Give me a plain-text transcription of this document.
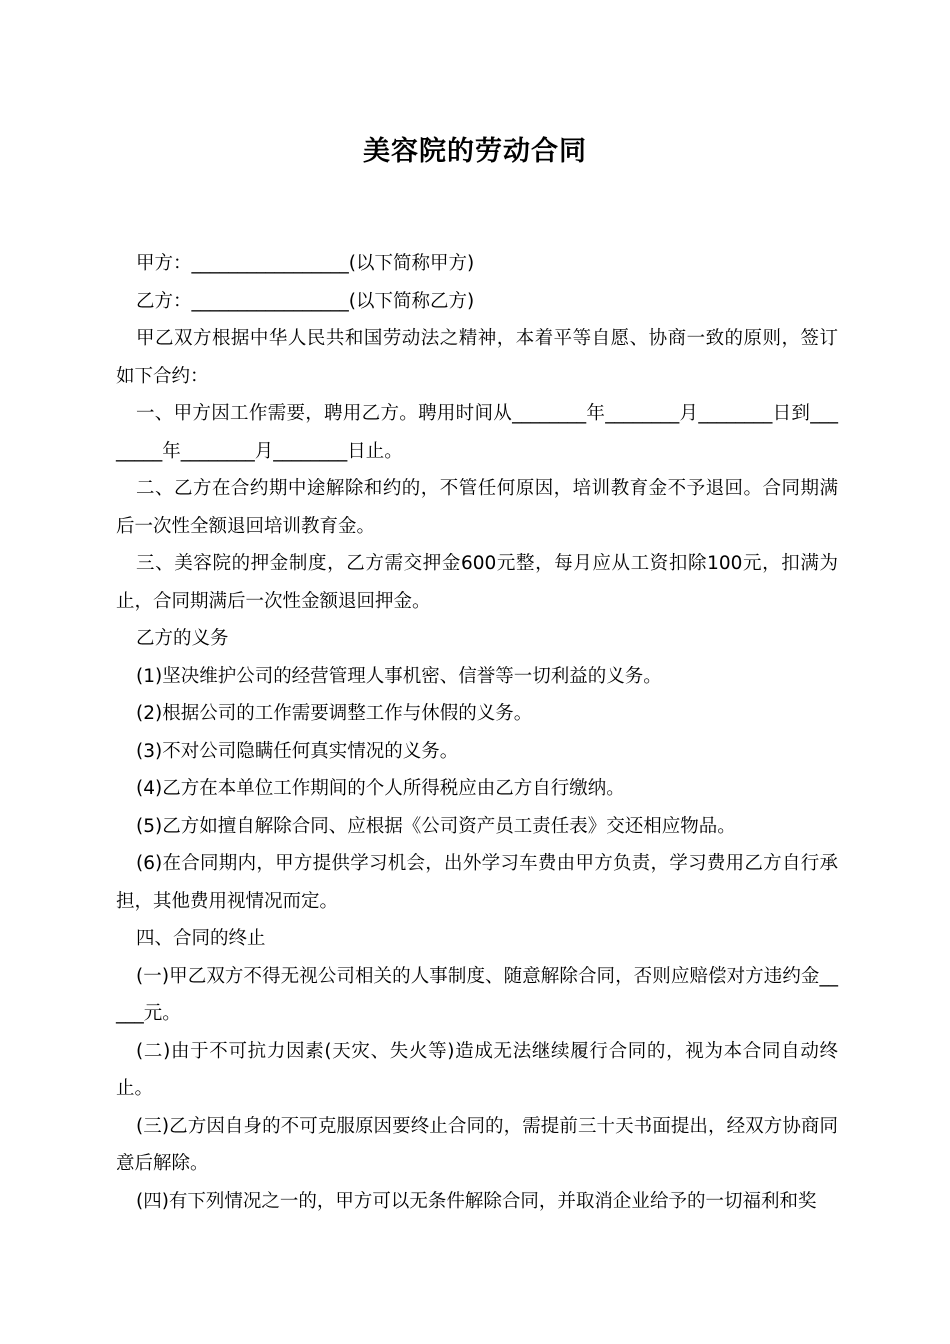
美容院的劳动合同

甲方：_________________(以下简称甲方)

乙方：_________________(以下简称乙方)

甲乙双方根据中华人民共和国劳动法之精神，本着平等自愿、协商一致的原则，签订如下合约：

一、甲方因工作需要，聘用乙方。聘用时间从________年________月________日到________年________月________日止。

二、乙方在合约期中途解除和约的，不管任何原因，培训教育金不予退回。合同期满后一次性全额退回培训教育金。

三、美容院的押金制度，乙方需交押金600元整，每月应从工资扣除100元，扣满为止，合同期满后一次性金额退回押金。

乙方的义务

(1)坚决维护公司的经营管理人事机密、信誉等一切利益的义务。

(2)根据公司的工作需要调整工作与休假的义务。

(3)不对公司隐瞒任何真实情况的义务。

(4)乙方在本单位工作期间的个人所得税应由乙方自行缴纳。

(5)乙方如擅自解除合同、应根据《公司资产员工责任表》交还相应物品。

(6)在合同期内，甲方提供学习机会，出外学习车费由甲方负责，学习费用乙方自行承担，其他费用视情况而定。

四、合同的终止

(一)甲乙双方不得无视公司相关的人事制度、随意解除合同，否则应赔偿对方违约金_____元。

(二)由于不可抗力因素(天灾、失火等)造成无法继续履行合同的，视为本合同自动终止。

(三)乙方因自身的不可克服原因要终止合同的，需提前三十天书面提出，经双方协商同意后解除。

(四)有下列情况之一的，甲方可以无条件解除合同，并取消企业给予的一切福利和奖
